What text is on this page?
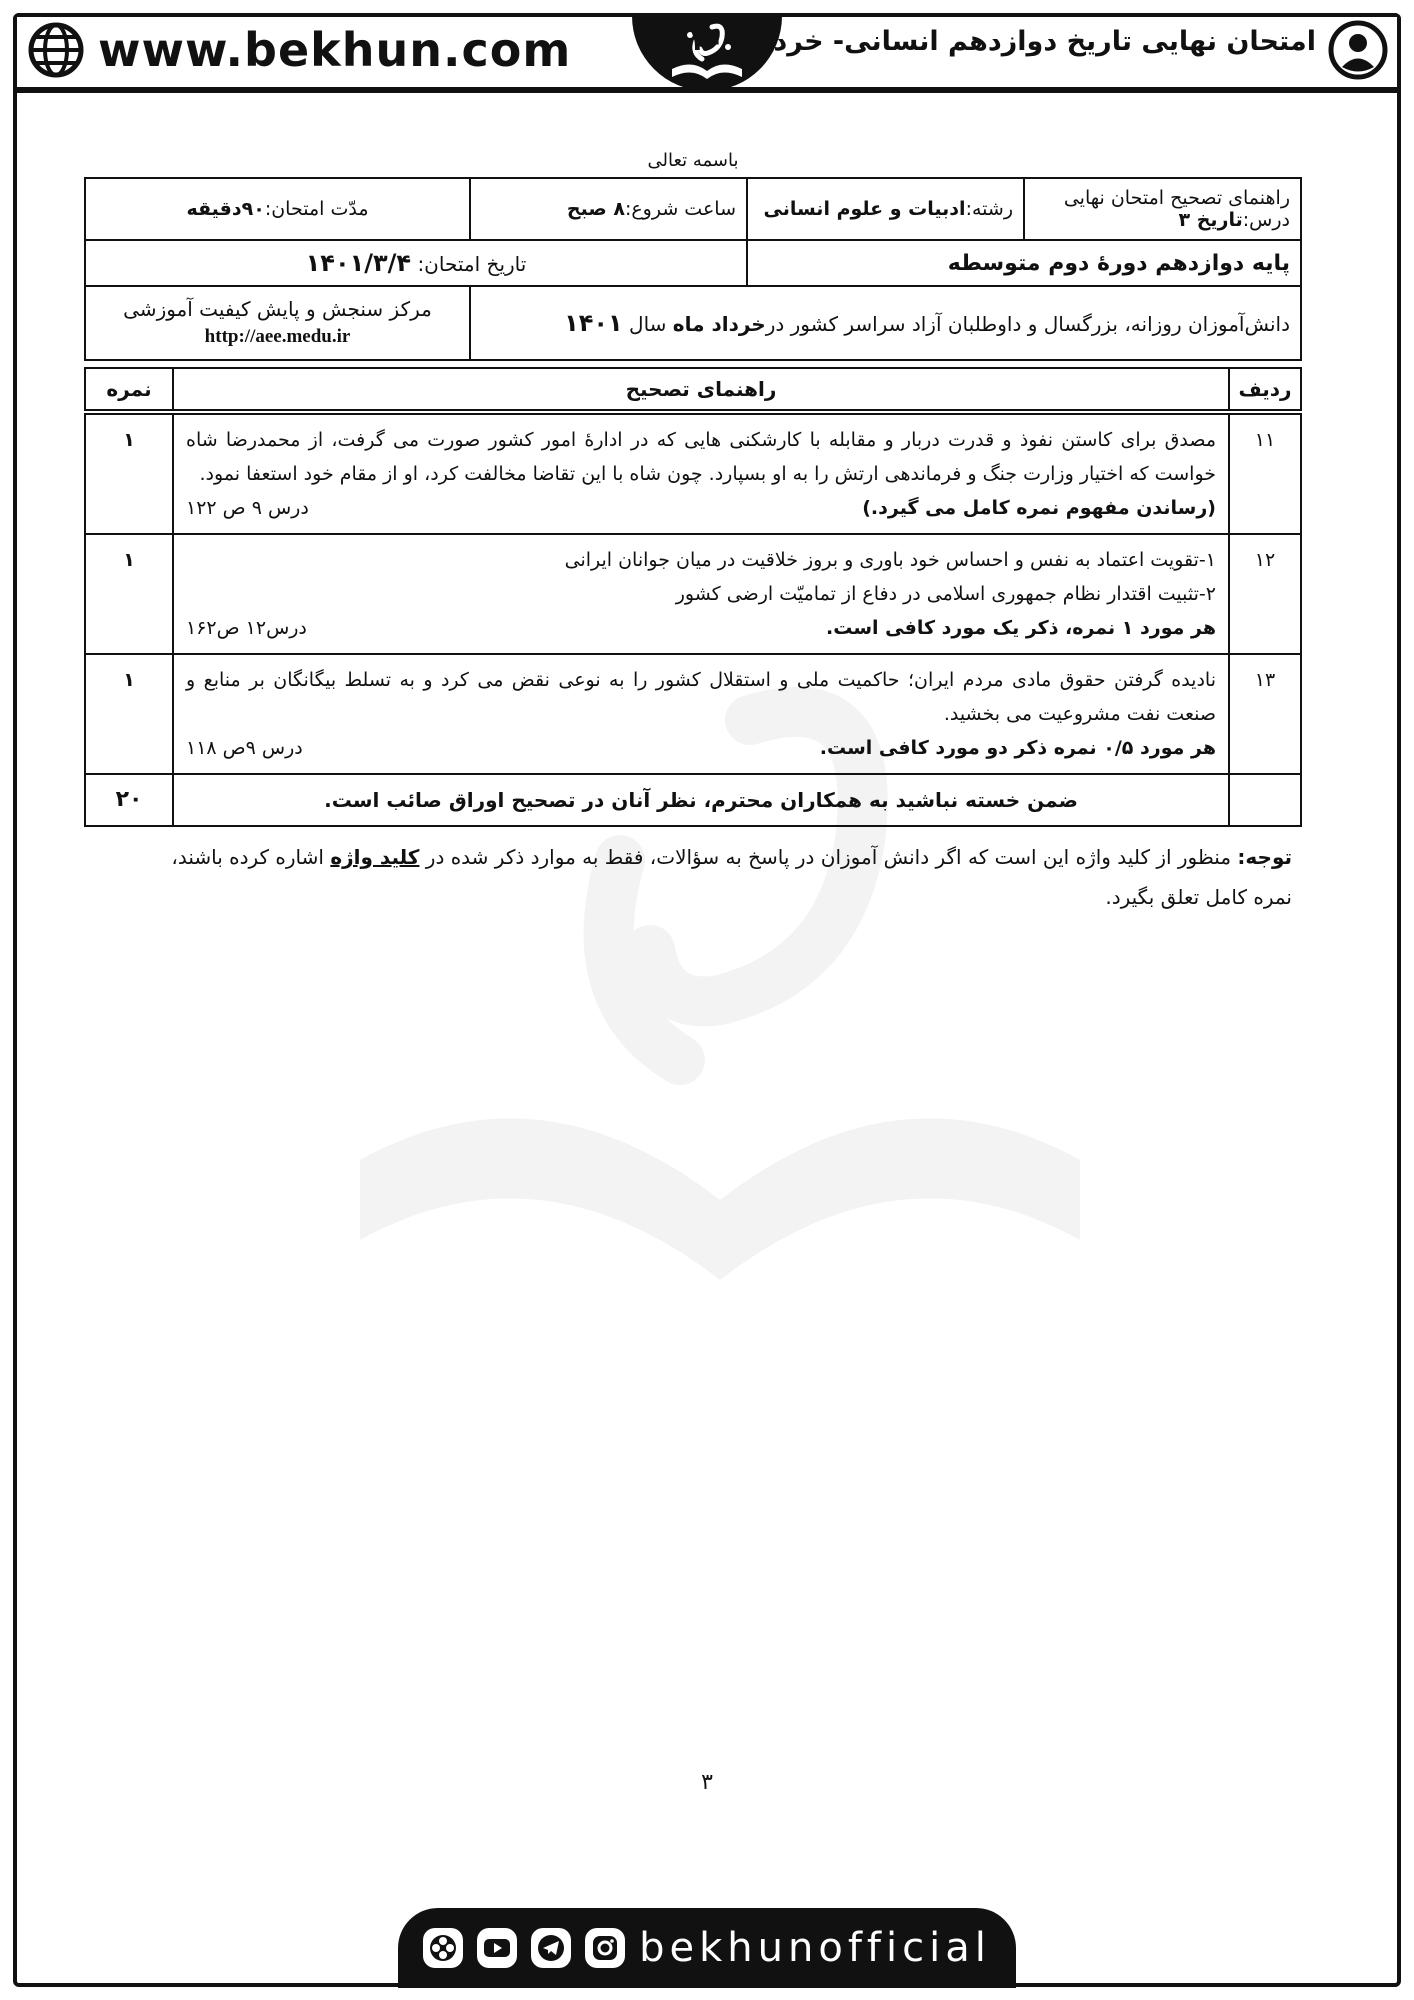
www.bekhun.com	امتحان نهایی تاریخ دوازدهم انسانی- خرداد ۱۴۰۱
باسمه تعالی
راهنمای تصحیح امتحان نهایی درس:تاریخ ۳	رشته:ادبیات و علوم انسانی	ساعت شروع:۸ صبح	مدّت امتحان:۹۰دقیقه
پایه دوازدهم دورۀ دوم متوسطه		تاریخ امتحان: ۱۴۰۱/۳/۴	
دانش‌آموزان روزانه، بزرگسال و داوطلبان آزاد سراسر کشور درخرداد ماه سال ۱۴۰۱			مرکز سنجش و پایش کیفیت آموزشی
http://aee.medu.ir
ردیف	راهنمای تصحیح	نمره

۱۱	مصدق برای کاستن نفوذ و قدرت دربار و مقابله با کارشکنی هایی که در ادارۀ امور کشور صورت می گرفت، از محمدرضا شاه خواست که اختیار وزارت جنگ و فرماندهی ارتش را به او بسپارد. چون شاه با این تقاضا مخالفت کرد، او از مقام خود استعفا نمود.
(رساندن مفهوم نمره کامل می گیرد.)
درس ۹ ص ۱۲۲	۱
۱۲	۱-تقویت اعتماد به نفس و احساس خود باوری و بروز خلاقیت در میان جوانان ایرانی
۲-تثبیت اقتدار نظام جمهوری اسلامی در دفاع از تمامیّت ارضی کشور
هر مورد ۱ نمره، ذکر یک مورد کافی است.
درس۱۲ ص۱۶۲	۱
۱۳	نادیده گرفتن حقوق مادی مردم ایران؛ حاکمیت ملی و استقلال کشور را به نوعی نقض می کرد و به تسلط بیگانگان بر منابع و صنعت نفت مشروعیت می بخشید.
هر مورد ۰/۵ نمره ذکر دو مورد کافی است.
درس ۹ص ۱۱۸	۱
	ضمن خسته نباشید به همکاران محترم، نظر آنان در تصحیح اوراق صائب است.	۲۰
توجه: منظور از کلید واژه این است که اگر دانش آموزان در پاسخ به سؤالات، فقط به موارد ذکر شده در کلید واژه اشاره کرده باشند، نمره کامل تعلق بگیرد.
۳
bekhunofficial
